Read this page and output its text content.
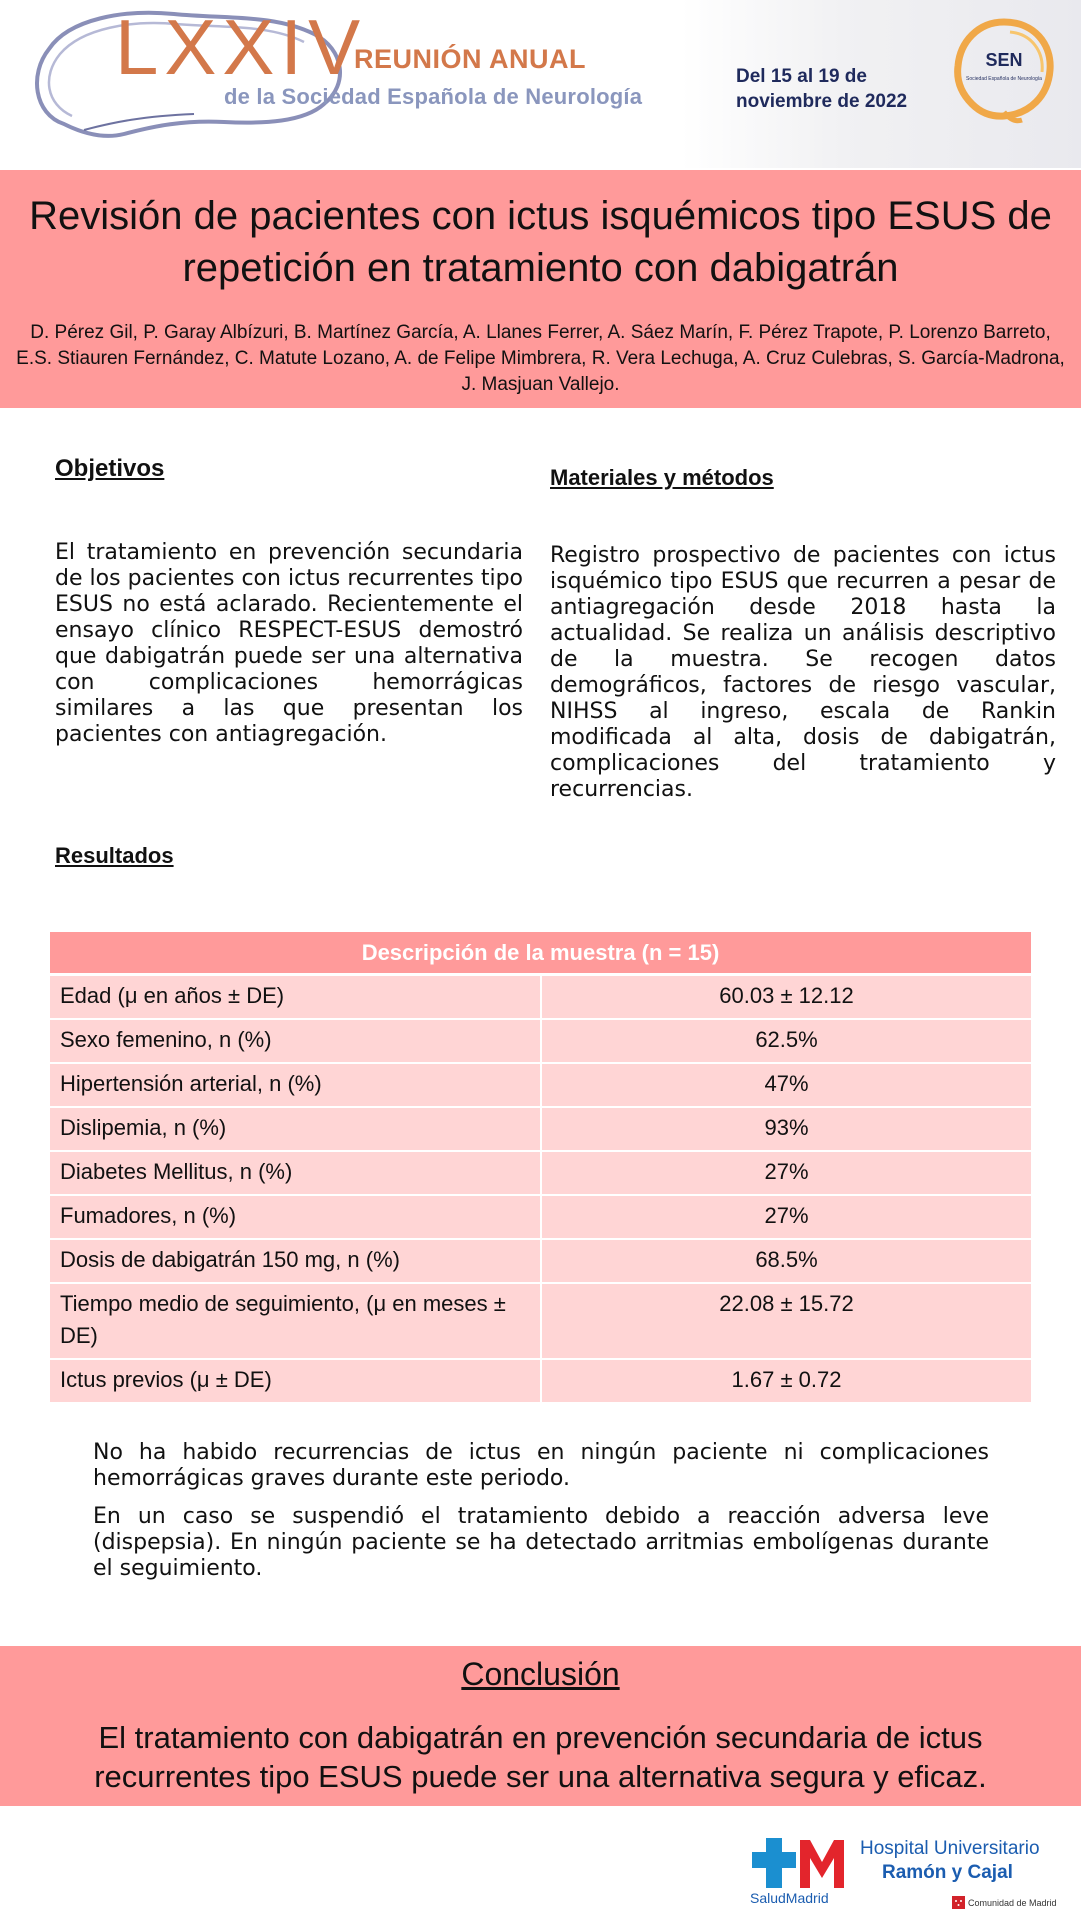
LXXIV
REUNIÓN ANUAL
de la Sociedad Española de Neurología
Del 15 al 19 de
noviembre de 2022
SEN
Sociedad Española de Neurología
Revisión de pacientes con ictus isquémicos tipo ESUS de repetición en tratamiento con dabigatrán
D. Pérez Gil, P. Garay Albízuri, B. Martínez García, A. Llanes Ferrer, A. Sáez Marín, F. Pérez Trapote, P. Lorenzo Barreto, E.S. Stiauren Fernández, C. Matute Lozano, A. de Felipe Mimbrera, R. Vera Lechuga, A. Cruz Culebras, S. García-Madrona, J. Masjuan Vallejo.
Objetivos
El tratamiento en prevención secundaria de los pacientes con ictus recurrentes tipo ESUS no está aclarado. Recientemente el ensayo clínico RESPECT-ESUS demostró que dabigatrán puede ser una alternativa con complicaciones hemorrágicas similares a las que presentan los pacientes con antiagregación.
Materiales y métodos
Registro prospectivo de pacientes con ictus isquémico tipo ESUS que recurren a pesar de antiagregación desde 2018 hasta la actualidad. Se realiza un análisis descriptivo de la muestra. Se recogen datos demográficos, factores de riesgo vascular, NIHSS al ingreso, escala de Rankin modificada al alta, dosis de dabigatrán, complicaciones del tratamiento y recurrencias.
Resultados
Descripción de la muestra (n = 15)	
Edad (μ en años ± DE)	60.03 ± 12.12
Sexo femenino, n (%)	62.5%
Hipertensión arterial, n (%)	47%
Dislipemia, n (%)	93%
Diabetes Mellitus, n (%)	27%
Fumadores, n (%)	27%
Dosis de dabigatrán 150 mg, n (%)	68.5%
Tiempo medio de seguimiento, (μ en meses ± DE)	22.08 ± 15.72
Ictus previos (μ ± DE)	1.67 ± 0.72

No ha habido recurrencias de ictus en ningún paciente ni complicaciones hemorrágicas graves durante este periodo.

En un caso se suspendió el tratamiento debido a reacción adversa leve (dispepsia). En ningún paciente se ha detectado arritmias embolígenas durante el seguimiento.

Conclusión
El tratamiento con dabigatrán en prevención secundaria de ictus recurrentes tipo ESUS puede ser una alternativa segura y eficaz.
Hospital Universitario
Ramón y Cajal
SaludMadrid	Comunidad de Madrid
